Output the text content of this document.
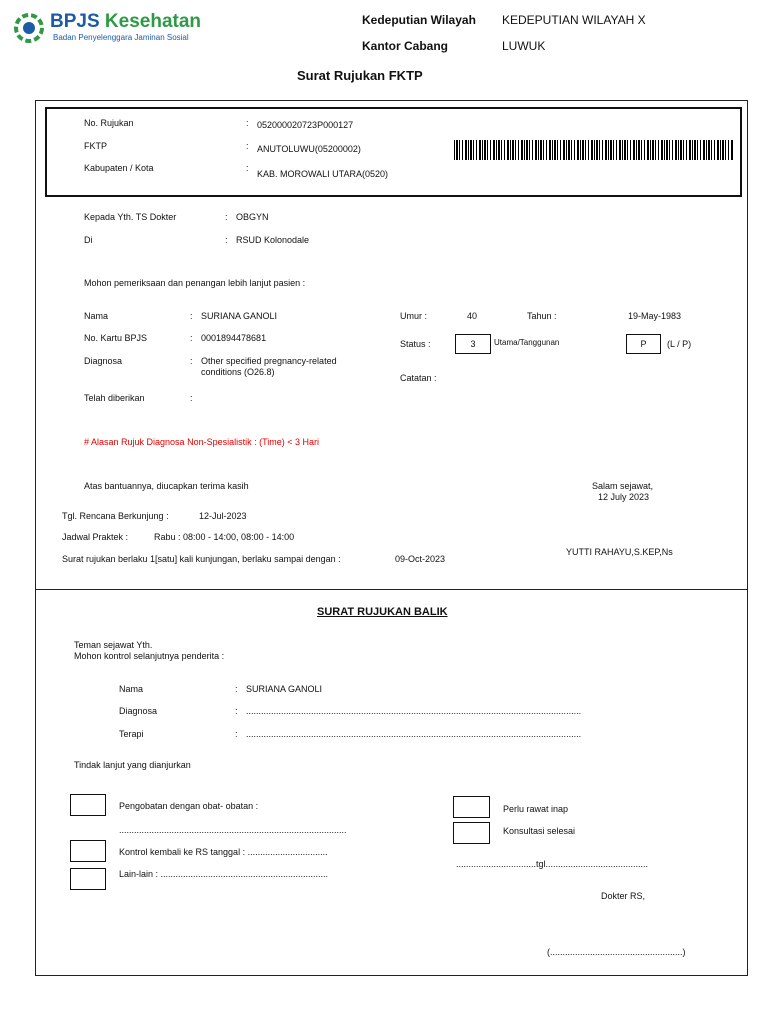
BPJS Kesehatan
Badan Penyelenggara Jaminan Sosial
Kedeputian Wilayah KEDEPUTIAN WILAYAH X
Kantor Cabang	LUWUK
Surat Rujukan FKTP
No. Rujukan	: 052000020723P000127
FKTP	: ANUTOLUWU(05200002)
Kabupaten / Kota	:
KAB. MOROWALI UTARA(0520)
Kepada Yth. TS Dokter	: OBGYN
Di	: RSUD Kolonodale
Mohon pemeriksaan dan penangan lebih lanjut pasien :
Nama	: SURIANA GANOLI
No. Kartu BPJS	: 0001894478681
Diagnosa	: Other specified pregnancy-related
conditions (O26.8)
Telah diberikan	:
Umur :	40	Tahun :	19-May-1983
Status :	3	Utama/Tanggunan	P	(L / P)
Catatan :
# Alasan Rujuk Diagnosa Non-Spesialistik : (Time) < 3 Hari
Atas bantuannya, diucapkan terima kasih	Salam sejawat,
12 July 2023
Tgl. Rencana Berkunjung :	12-Jul-2023
Jadwal Praktek :	Rabu : 08:00 - 14:00, 08:00 - 14:00
Surat rujukan berlaku 1[satu] kali kunjungan, berlaku sampai dengan :	09-Oct-2023
YUTTI RAHAYU,S.KEP,Ns
SURAT RUJUKAN BALIK
Teman sejawat Yth.
Mohon kontrol selanjutnya penderita :
Nama	: SURIANA GANOLI
Diagnosa	: ......................................................................................................................................
Terapi	: ......................................................................................................................................
Tindak lanjut yang dianjurkan
Pengobatan dengan obat- obatan :
...........................................................................................
Kontrol kembali ke RS tanggal : ................................
Lain-lain : ...................................................................
Perlu rawat inap
Konsultasi selesai
................................tgl.........................................
Dokter RS,
(.....................................................)
